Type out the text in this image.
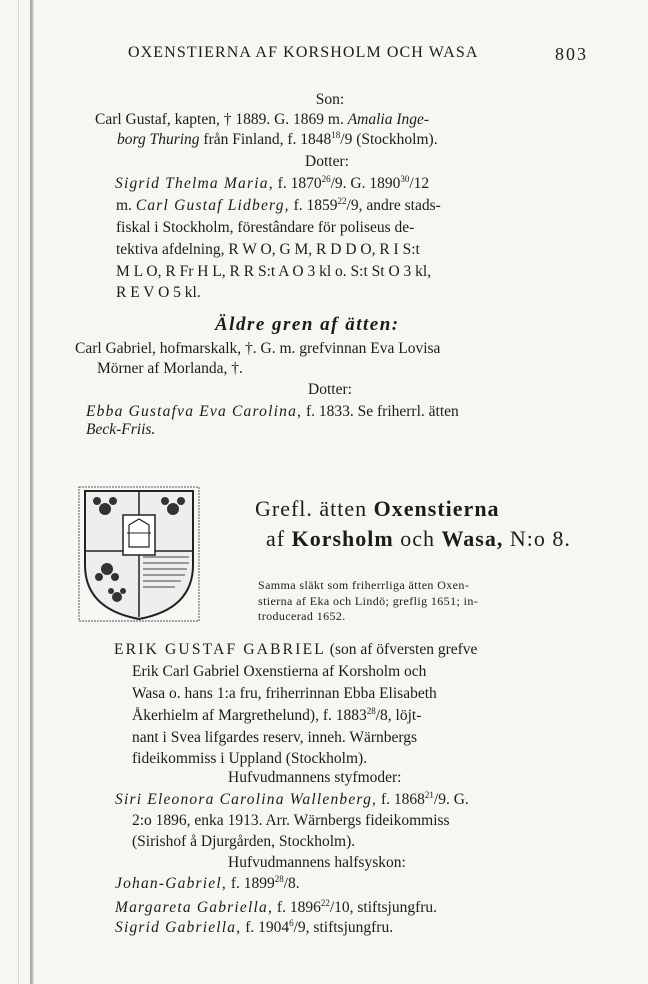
OXENSTIERNA AF KORSHOLM OCH WASA	803
Son:
Carl Gustaf, kapten, † 1889. G. 1869 m. Amalia Inge-
borg Thuring från Finland, f. 1848$^{18}$/9 (Stockholm).
Dotter:
Sigrid Thelma Maria, f. 1870$^{26}$/9. G. 1890$^{30}$/12
m. Carl Gustaf Lidberg, f. 1859$^{22}$/9, andre stads-
fiskal i Stockholm, förestândare för poliseus de-
tektiva afdelning, R W O, G M, R D D O, R I S:t
M L O, R Fr H L, R R S:t A O 3 kl o. S:t St O 3 kl,
R E V O 5 kl.
Äldre gren af ätten:
Carl Gabriel, hofmarskalk, †. G. m. grefvinnan Eva Lovisa
Mörner af Morlanda, †.
Dotter:
Ebba Gustafva Eva Carolina, f. 1833. Se friherrl. ätten
Beck-Friis.
Grefl. ätten Oxenstierna
af Korsholm och Wasa, N:o 8.
Samma släkt som friherrliga ätten Oxen-
stierna af Eka och Lindö; greflig 1651; in-
troducerad 1652.
ERIK GUSTAF GABRIEL (son af öfversten grefve
Erik Carl Gabriel Oxenstierna af Korsholm och
Wasa o. hans 1:a fru, friherrinnan Ebba Elisabeth
Åkerhielm af Margrethelund), f. 1883$^{28}$/8, löjt-
nant i Svea lifgardes reserv, inneh. Wärnbergs
fideikommiss i Uppland (Stockholm).
Hufvudmannens styfmoder:
Siri Eleonora Carolina Wallenberg, f. 1868$^{21}$/9. G.
2:o 1896, enka 1913. Arr. Wärnbergs fideikommiss
(Sirishof å Djurgården, Stockholm).
Hufvudmannens halfsyskon:
Johan-Gabriel, f. 1899$^{28}$/8.
Margareta Gabriella, f. 1896$^{22}$/10, stiftsjungfru.
Sigrid Gabriella, f. 1904$^6$/9, stiftsjungfru.
